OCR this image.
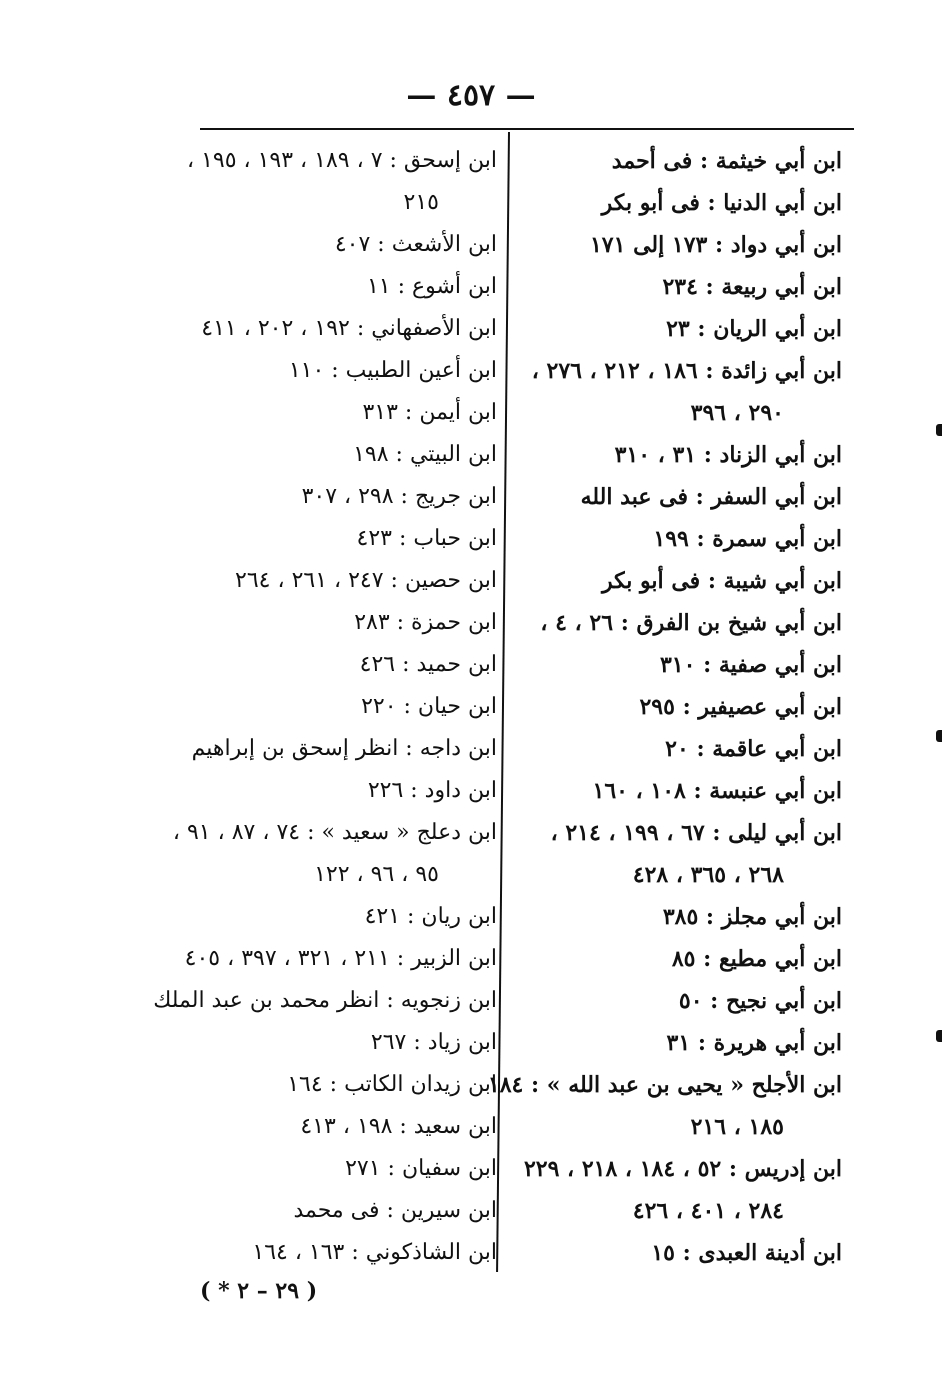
— ٤٥٧ —
ابن أبي خيثمة : فى أحمد
ابن أبي الدنيا : فى أبو بكر
ابن أبي دواد : ١٧٣ إلى ١٧١
ابن أبي ربيعة : ٢٣٤
ابن أبي الريان : ٢٣
ابن أبي زائدة : ١٨٦ ، ٢١٢ ، ٢٧٦ ،
٢٩٠ ، ٣٩٦
ابن أبي الزناد : ٣١ ، ٣١٠
ابن أبي السفر : فى عبد الله
ابن أبي سمرة : ١٩٩
ابن أبي شيبة : فى أبو بكر
ابن أبي شيخ بن الفرق : ٢٦ ، ٤ ،
ابن أبي صفية : ٣١٠
ابن أبي عصيفير : ٢٩٥
ابن أبي عاقمة : ٢٠
ابن أبي عنبسة : ١٠٨ ، ١٦٠
ابن أبي ليلى : ٦٧ ، ١٩٩ ، ٢١٤ ،
٢٦٨ ، ٣٦٥ ، ٤٢٨
ابن أبي مجلز : ٣٨٥
ابن أبي مطيع : ٨٥
ابن أبي نجيح : ٥٠
ابن أبي هريرة : ٣١
ابن الأجلح « يحيى بن عبد الله » : ١٨٤
١٨٥ ، ٢١٦
ابن إدريس : ٥٢ ، ١٨٤ ، ٢١٨ ، ٢٢٩
٢٨٤ ، ٤٠١ ، ٤٢٦
ابن أدينة العبدى : ١٥
ابن إسحق : ٧ ، ١٨٩ ، ١٩٣ ، ١٩٥ ،
٢١٥
ابن الأشعث : ٤٠٧
ابن أشوع : ١١
ابن الأصفهاني : ١٩٢ ، ٢٠٢ ، ٤١١
ابن أعين الطبيب : ١١٠
ابن أيمن : ٣١٣
ابن البيتي : ١٩٨
ابن جريج : ٢٩٨ ، ٣٠٧
ابن حباب : ٤٢٣
ابن حصين : ٢٤٧ ، ٢٦١ ، ٢٦٤
ابن حمزة : ٢٨٣
ابن حميد : ٤٢٦
ابن حيان : ٢٢٠
ابن داجه : انظر إسحق بن إبراهيم
ابن داود : ٢٢٦
ابن دعلج « سعيد » : ٧٤ ، ٨٧ ، ٩١ ،
٩٥ ، ٩٦ ، ١٢٢
ابن ريان : ٤٢١
ابن الزبير : ٢١١ ، ٣٢١ ، ٣٩٧ ، ٤٠٥
ابن زنجويه : انظر محمد بن عبد الملك
ابن زياد : ٢٦٧
ابن زيدان الكاتب : ١٦٤
ابن سعيد : ١٩٨ ، ٤١٣
ابن سفيان : ٢٧١
ابن سيرين : فى محمد
ابن الشاذكوني : ١٦٣ ، ١٦٤
( ٢٩ – ٢ * )
